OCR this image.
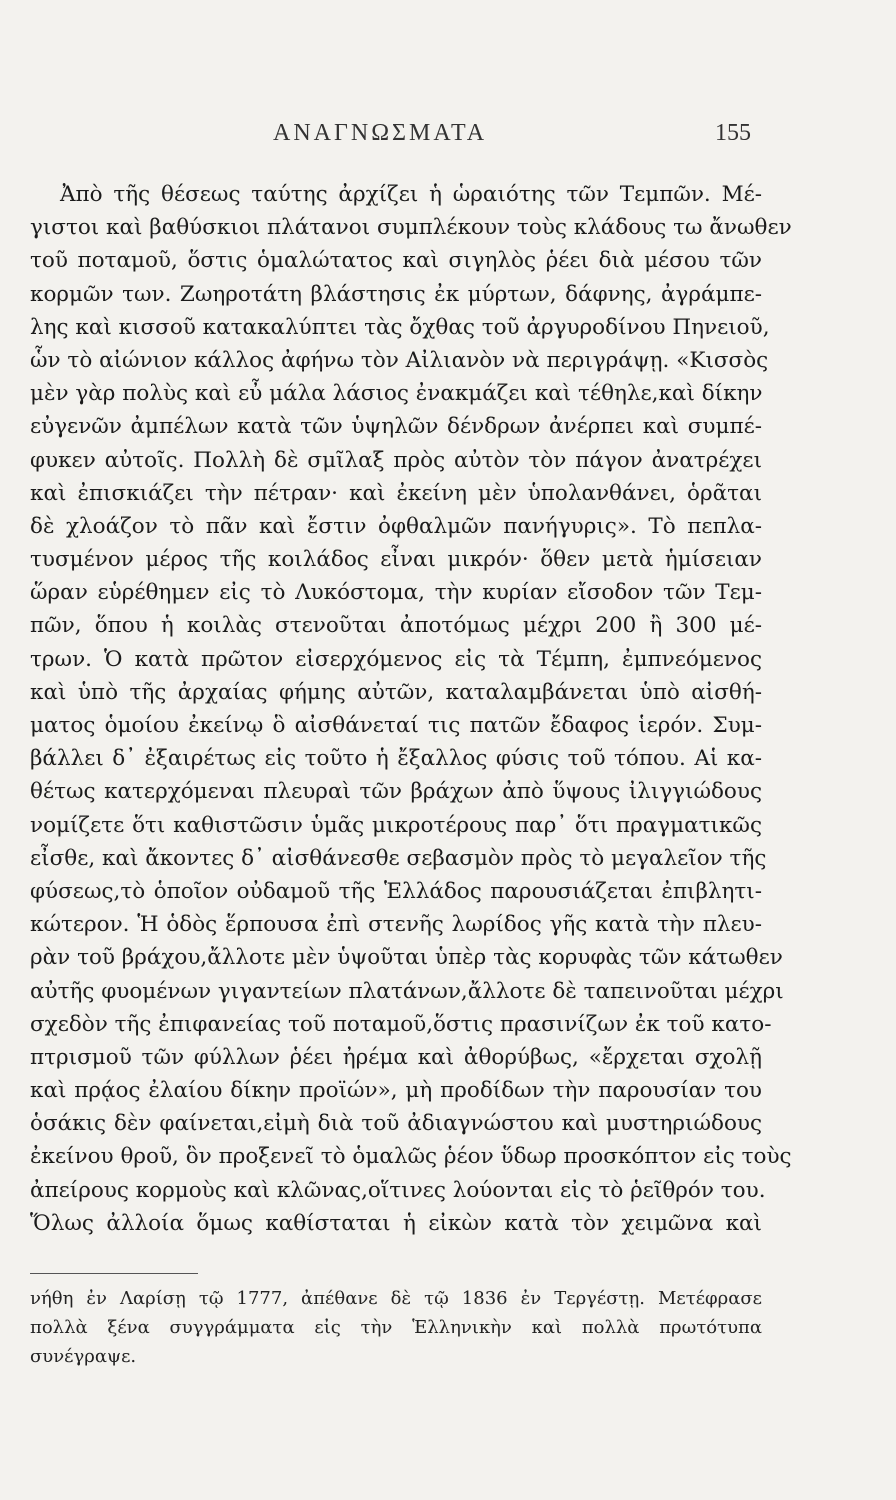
ΑΝΑΓΝΩΣΜΑΤΑ	155
Ἀπὸ τῆς θέσεως ταύτης ἀρχίζει ἡ ὡραιότης τῶν Τεμπῶν. Μέ-
γιστοι καὶ βαθύσκιοι πλάτανοι συμπλέκουν τοὺς κλάδους τω ἄνωθεν
τοῦ ποταμοῦ, ὅστις ὁμαλώτατος καὶ σιγηλὸς ῥέει διὰ μέσου τῶν
κορμῶν των. Ζωηροτάτη βλάστησις ἐκ μύρτων, δάφνης, ἀγράμπε-
λης καὶ κισσοῦ κατακαλύπτει τὰς ὄχθας τοῦ ἀργυροδίνου Πηνειοῦ,
ὧν τὸ αἰώνιον κάλλος ἀφήνω τὸν Αἰλιανὸν νὰ περιγράψῃ. «Κισσὸς
μὲν γὰρ πολὺς καὶ εὖ μάλα λάσιος ἐνακμάζει καὶ τέθηλε,καὶ δίκην
εὐγενῶν ἀμπέλων κατὰ τῶν ὑψηλῶν δένδρων ἀνέρπει καὶ συμπέ-
φυκεν αὐτοῖς. Πολλὴ δὲ σμῖλαξ πρὸς αὐτὸν τὸν πάγον ἀνατρέχει
καὶ ἐπισκιάζει τὴν πέτραν· καὶ ἐκείνη μὲν ὑπολανθάνει, ὁρᾶται
δὲ χλοάζον τὸ πᾶν καὶ ἔστιν ὀφθαλμῶν πανήγυρις». Τὸ πεπλα-
τυσμένον μέρος τῆς κοιλάδος εἶναι μικρόν· ὅθεν μετὰ ἡμίσειαν
ὥραν εὑρέθημεν εἰς τὸ Λυκόστομα, τὴν κυρίαν εἴσοδον τῶν Τεμ-
πῶν, ὅπου ἡ κοιλὰς στενοῦται ἀποτόμως μέχρι 200 ἢ 300 μέ-
τρων. Ὁ κατὰ πρῶτον εἰσερχόμενος εἰς τὰ Τέμπη, ἐμπνεόμενος
καὶ ὑπὸ τῆς ἀρχαίας φήμης αὐτῶν, καταλαμβάνεται ὑπὸ αἰσθή-
ματος ὁμοίου ἐκείνῳ ὃ αἰσθάνεταί τις πατῶν ἔδαφος ἱερόν. Συμ-
βάλλει δ᾽ ἐξαιρέτως εἰς τοῦτο ἡ ἔξαλλος φύσις τοῦ τόπου. Αἱ κα-
θέτως κατερχόμεναι πλευραὶ τῶν βράχων ἀπὸ ὕψους ἰλιγγιώδους
νομίζετε ὅτι καθιστῶσιν ὑμᾶς μικροτέρους παρ᾽ ὅτι πραγματικῶς
εἶσθε, καὶ ἄκοντες δ᾽ αἰσθάνεσθε σεβασμὸν πρὸς τὸ μεγαλεῖον τῆς
φύσεως,τὸ ὁποῖον οὐδαμοῦ τῆς Ἑλλάδος παρουσιάζεται ἐπιβλητι-
κώτερον. Ἡ ὁδὸς ἕρπουσα ἐπὶ στενῆς λωρίδος γῆς κατὰ τὴν πλευ-
ρὰν τοῦ βράχου,ἄλλοτε μὲν ὑψοῦται ὑπὲρ τὰς κορυφὰς τῶν κάτωθεν
αὐτῆς φυομένων γιγαντείων πλατάνων,ἄλλοτε δὲ ταπεινοῦται μέχρι
σχεδὸν τῆς ἐπιφανείας τοῦ ποταμοῦ,ὅστις πρασινίζων ἐκ τοῦ κατο-
πτρισμοῦ τῶν φύλλων ῥέει ἠρέμα καὶ ἀθορύβως, «ἔρχεται σχολῇ
καὶ πρᾴος ἐλαίου δίκην προϊών», μὴ προδίδων τὴν παρουσίαν του
ὁσάκις δὲν φαίνεται,εἰμὴ διὰ τοῦ ἀδιαγνώστου καὶ μυστηριώδους
ἐκείνου θροῦ, ὃν προξενεῖ τὸ ὁμαλῶς ῥέον ὕδωρ προσκόπτον εἰς τοὺς
ἀπείρους κορμοὺς καὶ κλῶνας,οἵτινες λούονται εἰς τὸ ῥεῖθρόν του.
Ὅλως ἀλλοία ὅμως καθίσταται ἡ εἰκὼν κατὰ τὸν χειμῶνα καὶ
νήθη ἐν Λαρίσῃ τῷ 1777, ἀπέθανε δὲ τῷ 1836 ἐν Τεργέστῃ. Μετέφρασε
πολλὰ ξένα συγγράμματα εἰς τὴν Ἑλληνικὴν καὶ πολλὰ πρωτότυπα
συνέγραψε.
